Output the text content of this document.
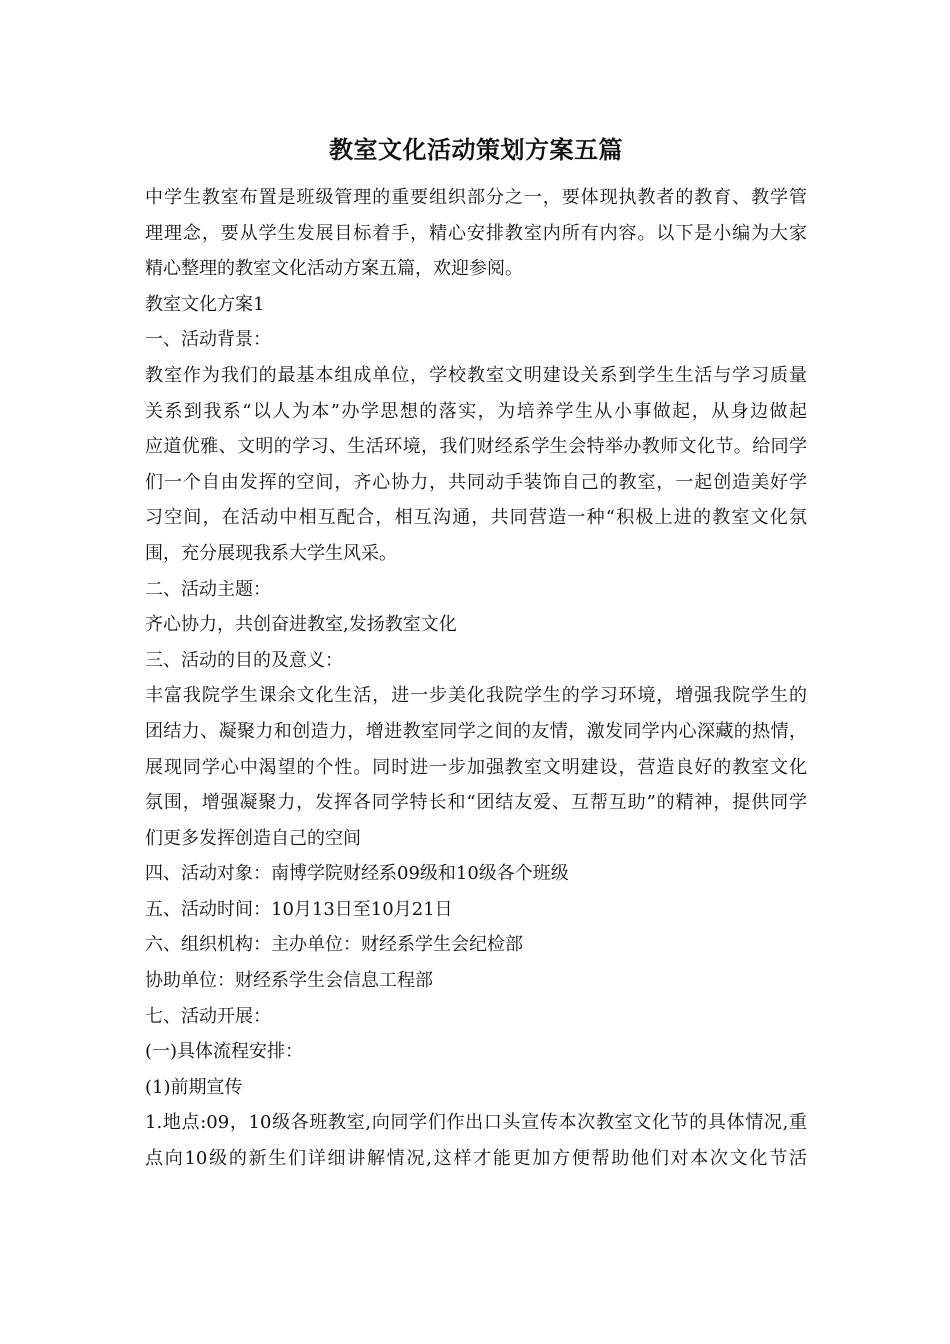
教室文化活动策划方案五篇
中学生教室布置是班级管理的重要组织部分之一，要体现执教者的教育、教学管
理理念，要从学生发展目标着手，精心安排教室内所有内容。以下是小编为大家
精心整理的教室文化活动方案五篇，欢迎参阅。
教室文化方案1
一、活动背景：
教室作为我们的最基本组成单位，学校教室文明建设关系到学生生活与学习质量
关系到我系“以人为本”办学思想的落实，为培养学生从小事做起，从身边做起
应道优雅、文明的学习、生活环境，我们财经系学生会特举办教师文化节。给同学
们一个自由发挥的空间，齐心协力，共同动手装饰自己的教室，一起创造美好学
习空间，在活动中相互配合，相互沟通，共同营造一种“积极上进的教室文化氛
围，充分展现我系大学生风采。
二、活动主题：
齐心协力，共创奋进教室,发扬教室文化
三、活动的目的及意义：
丰富我院学生课余文化生活，进一步美化我院学生的学习环境，增强我院学生的
团结力、凝聚力和创造力，增进教室同学之间的友情，激发同学内心深藏的热情，
展现同学心中渴望的个性。同时进一步加强教室文明建设，营造良好的教室文化
氛围，增强凝聚力，发挥各同学特长和“团结友爱、互帮互助”的精神，提供同学
们更多发挥创造自己的空间
四、活动对象：南博学院财经系09级和10级各个班级
五、活动时间：10月13日至10月21日
六、组织机构：主办单位：财经系学生会纪检部
协助单位：财经系学生会信息工程部
七、活动开展：
(一)具体流程安排：
(1)前期宣传
1.地点:09，10级各班教室,向同学们作出口头宣传本次教室文化节的具体情况,重
点向10级的新生们详细讲解情况,这样才能更加方便帮助他们对本次文化节活
